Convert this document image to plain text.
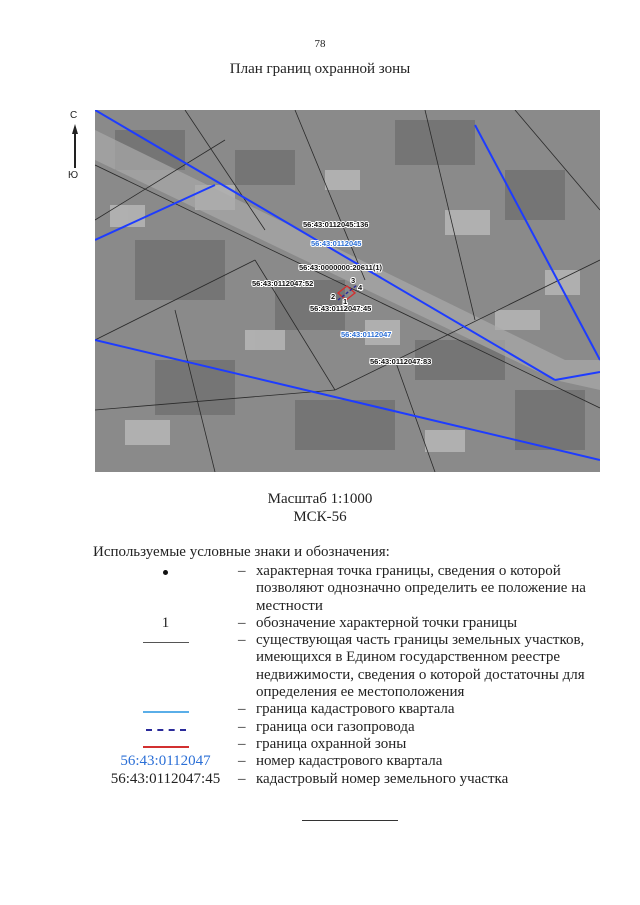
78
План границ охранной зоны
С
Ю
3
4
2
1
56:43:0112045:136
56:43:0112045
56:43:0000000:20611(1)
56:43:0112047:52
56:43:0112047:45
56:43:0112047
56:43:0112047:83
Масштаб 1:1000
МСК-56
Используемые условные знаки и обозначения:
– характерная точка границы, сведения о которой позволяют однозначно определить ее положение на местности
1	– обозначение характерной точки границы
– существующая часть границы земельных участков, имеющихся в Едином государственном реестре недвижимости, сведения о которой достаточны для определения ее местоположения
– граница кадастрового квартала
– граница оси газопровода
– граница охранной зоны
56:43:0112047 – номер кадастрового квартала
56:43:0112047:45 – кадастровый номер земельного участка
